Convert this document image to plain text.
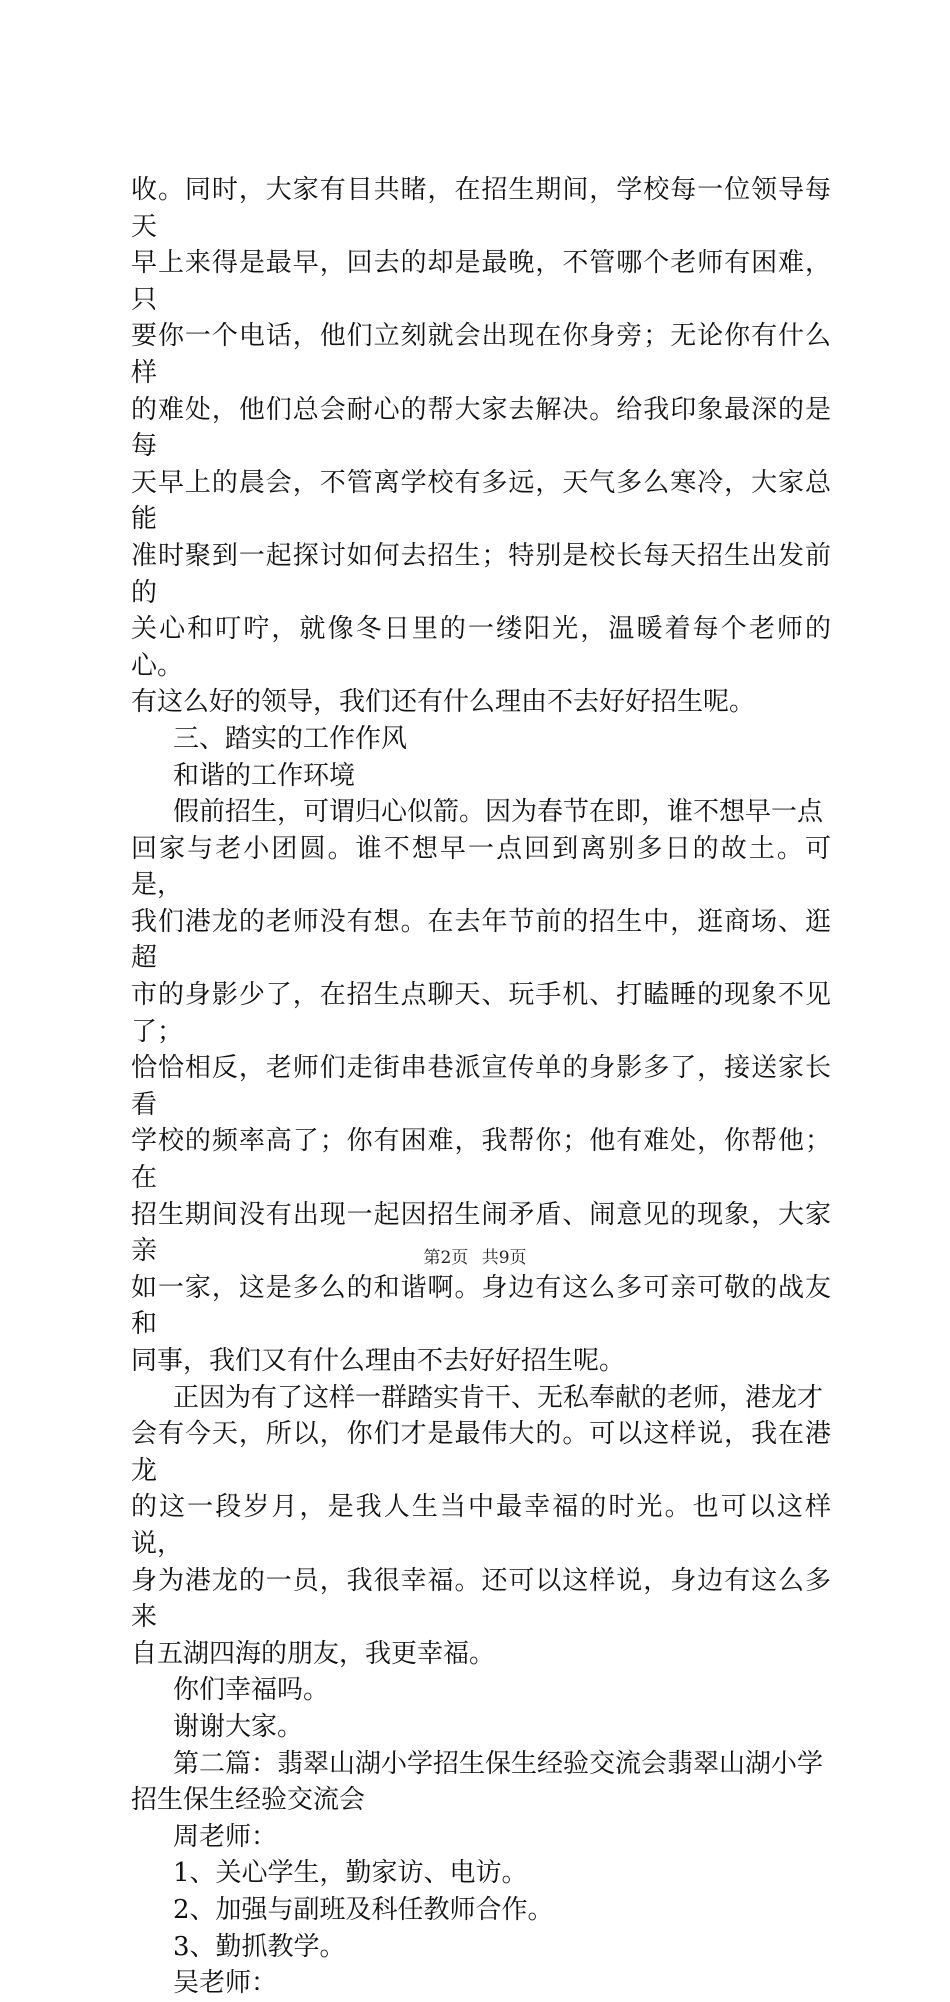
收。同时，大家有目共睹，在招生期间，学校每一位领导每天

早上来得是最早，回去的却是最晚，不管哪个老师有困难，只

要你一个电话，他们立刻就会出现在你身旁；无论你有什么样

的难处，他们总会耐心的帮大家去解决。给我印象最深的是每

天早上的晨会，不管离学校有多远，天气多么寒冷，大家总能

准时聚到一起探讨如何去招生；特别是校长每天招生出发前的

关心和叮咛，就像冬日里的一缕阳光，温暖着每个老师的心。

有这么好的领导，我们还有什么理由不去好好招生呢。

三、踏实的工作作风

和谐的工作环境

假前招生，可谓归心似箭。因为春节在即，谁不想早一点

回家与老小团圆。谁不想早一点回到离别多日的故土。可是，

我们港龙的老师没有想。在去年节前的招生中，逛商场、逛超

市的身影少了，在招生点聊天、玩手机、打瞌睡的现象不见了；

恰恰相反，老师们走街串巷派宣传单的身影多了，接送家长看

学校的频率高了；你有困难，我帮你；他有难处，你帮他；在

招生期间没有出现一起因招生闹矛盾、闹意见的现象，大家亲

如一家，这是多么的和谐啊。身边有这么多可亲可敬的战友和

同事，我们又有什么理由不去好好招生呢。

正因为有了这样一群踏实肯干、无私奉献的老师，港龙才

会有今天，所以，你们才是最伟大的。可以这样说，我在港龙

的这一段岁月，是我人生当中最幸福的时光。也可以这样说，

身为港龙的一员，我很幸福。还可以这样说，身边有这么多来

自五湖四海的朋友，我更幸福。

你们幸福吗。

谢谢大家。

第二篇：翡翠山湖小学招生保生经验交流会翡翠山湖小学

招生保生经验交流会

周老师：

1、关心学生，勤家访、电访。

2、加强与副班及科任教师合作。

3、勤抓教学。

吴老师：

第2页 共9页
